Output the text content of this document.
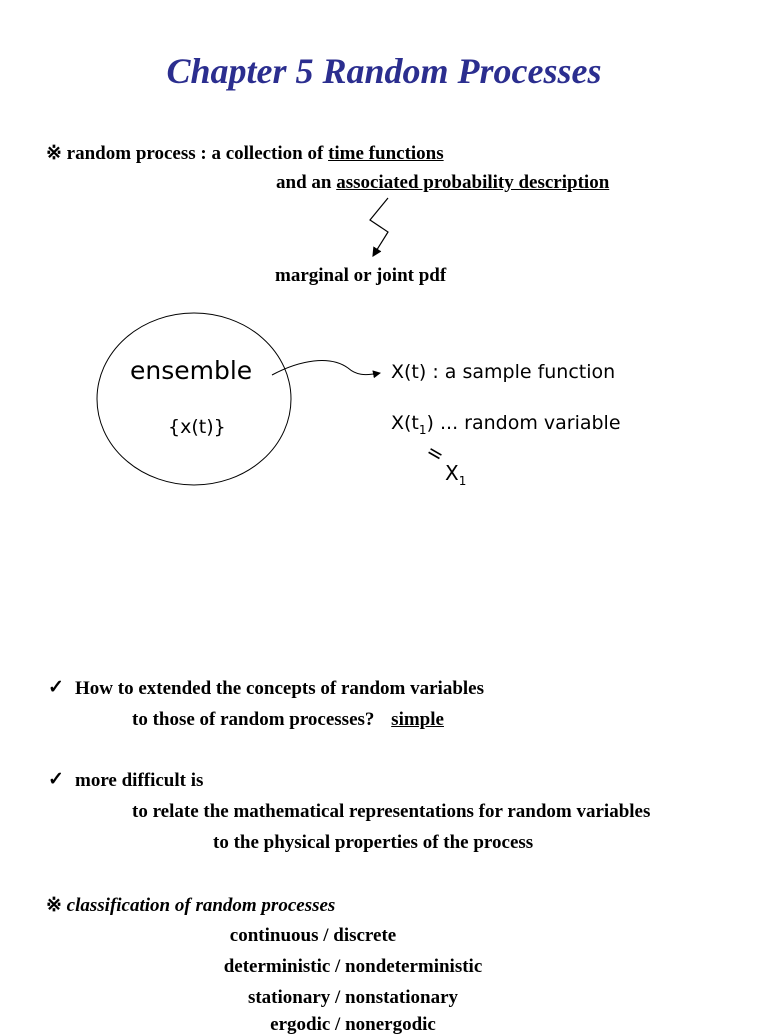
Chapter 5 Random Processes
※ random process : a collection of time functions
and an associated probability description
marginal or joint pdf
ensemble
{x(t)}
X(t) : a sample function
$X(t_1)$ ... random variable
=
$X_1$
✓ How to extended the concepts of random variables
to those of random processes? simple
✓ more difficult is
to relate the mathematical representations for random variables
to the physical properties of the process
※ classification of random processes
continuous / discrete
deterministic / nondeterministic
stationary / nonstationary
ergodic / nonergodic
